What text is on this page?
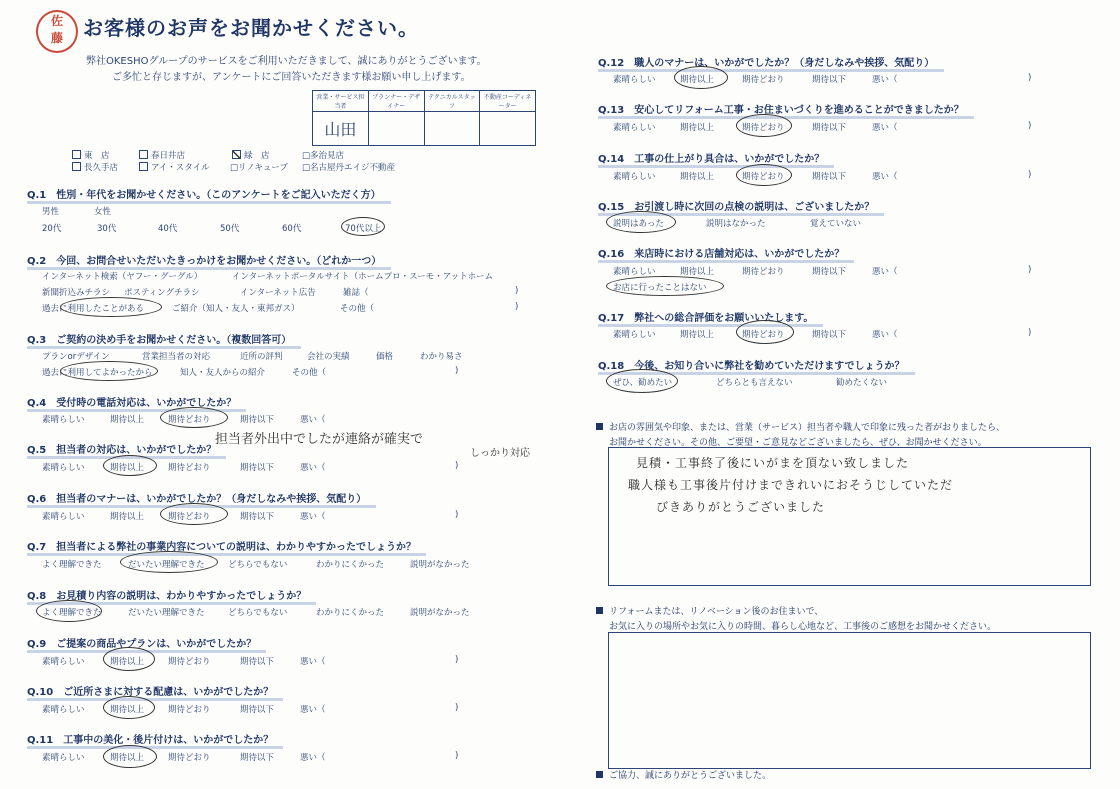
佐藤	お客様のお声をお聞かせください。
弊社OKESHOグループのサービスをご利用いただきまして、誠にありがとうございます。
ご多忙と存じますが、アンケートにご回答いただきます様お願い申し上げます。
営業・サービス担当者	プランナー・デザイナー	テクニカルスタッフ	不動産コーディネーター
山田			
東　店	春日井店	緑　店	□多治見店
長久手店	アイ・スタイル □リノキューブ □名古屋丹エイジ不動産
Q.1　性別・年代をお聞かせください。（このアンケートをご記入いただく方）
男性	女性
20代	30代	40代	50代	60代	70代以上
Q.2　今回、お問合せいただいたきっかけをお聞かせください。（どれか一つ）
インターネット検索（ヤフー・グーグル）	インターネットポータルサイト（ホームプロ・スーモ・アットホーム
新聞折込みチラシ ポスティングチラシ	インターネット広告	雑誌（	)
過去に利用したことがある	ご紹介（知人・友人・東邦ガス）	その他（	)
Q.3　ご契約の決め手をお聞かせください。（複数回答可）
プランorデザイン	営業担当者の対応	近所の評判	会社の実績	価格	わかり易さ
過去に利用してよかったから	知人・友人からの紹介	その他（	)
Q.4　受付時の電話対応は、いかがでしたか？
素晴らしい	期待以上	期待どおり	期待以下	悪い（
担当者外出中でしたが連絡が確実で
しっかり対応
Q.5　担当者の対応は、いかがでしたか？
素晴らしい	期待以上	期待どおり	期待以下	悪い（	)
Q.6　担当者のマナーは、いかがでしたか？（身だしなみや挨拶、気配り）
素晴らしい	期待以上	期待どおり	期待以下	悪い（	)
Q.7　担当者による弊社の事業内容についての説明は、わかりやすかったでしょうか？
よく理解できた	だいたい理解できた	どちらでもない	わかりにくかった	説明がなかった
Q.8　お見積り内容の説明は、わかりやすかったでしょうか？
よく理解できた	だいたい理解できた	どちらでもない	わかりにくかった	説明がなかった
Q.9　ご提案の商品やプランは、いかがでしたか？
素晴らしい	期待以上	期待どおり	期待以下	悪い（	)
Q.10　ご近所さまに対する配慮は、いかがでしたか？
素晴らしい	期待以上	期待どおり	期待以下	悪い（	)
Q.11　工事中の美化・後片付けは、いかがでしたか？
素晴らしい	期待以上	期待どおり	期待以下	悪い（	)
Q.12　職人のマナーは、いかがでしたか？（身だしなみや挨拶、気配り）
素晴らしい	期待以上	期待どおり	期待以下	悪い（	)
Q.13　安心してリフォーム工事・お住まいづくりを進めることができましたか？
素晴らしい	期待以上	期待どおり	期待以下	悪い（	)
Q.14　工事の仕上がり具合は、いかがでしたか？
素晴らしい	期待以上	期待どおり	期待以下	悪い（	)
Q.15　お引渡し時に次回の点検の説明は、ございましたか？
説明はあった	説明はなかった	覚えていない
Q.16　来店時における店舗対応は、いかがでしたか？
素晴らしい	期待以上	期待どおり	期待以下	悪い（	)
お店に行ったことはない
Q.17　弊社への総合評価をお願いいたします。
素晴らしい	期待以上	期待どおり	期待以下	悪い（	)
Q.18　今後、お知り合いに弊社を勧めていただけますでしょうか？
ぜひ、勧めたい	どちらとも言えない	勧めたくない
お店の雰囲気や印象、または、営業（サービス）担当者や職人で印象に残った者がおりましたら、
お聞かせください。その他、ご要望・ご意見などございましたら、ぜひ、お聞かせください。
見積・工事終了後にいがまを頂ない致しました
職人様も工事後片付けまできれいにおそうじしていただ
びきありがとうございました
リフォームまたは、リノベーション後のお住まいで、
お気に入りの場所やお気に入りの時間、暮らし心地など、工事後のご感想をお聞かせください。
ご協力、誠にありがとうございました。
